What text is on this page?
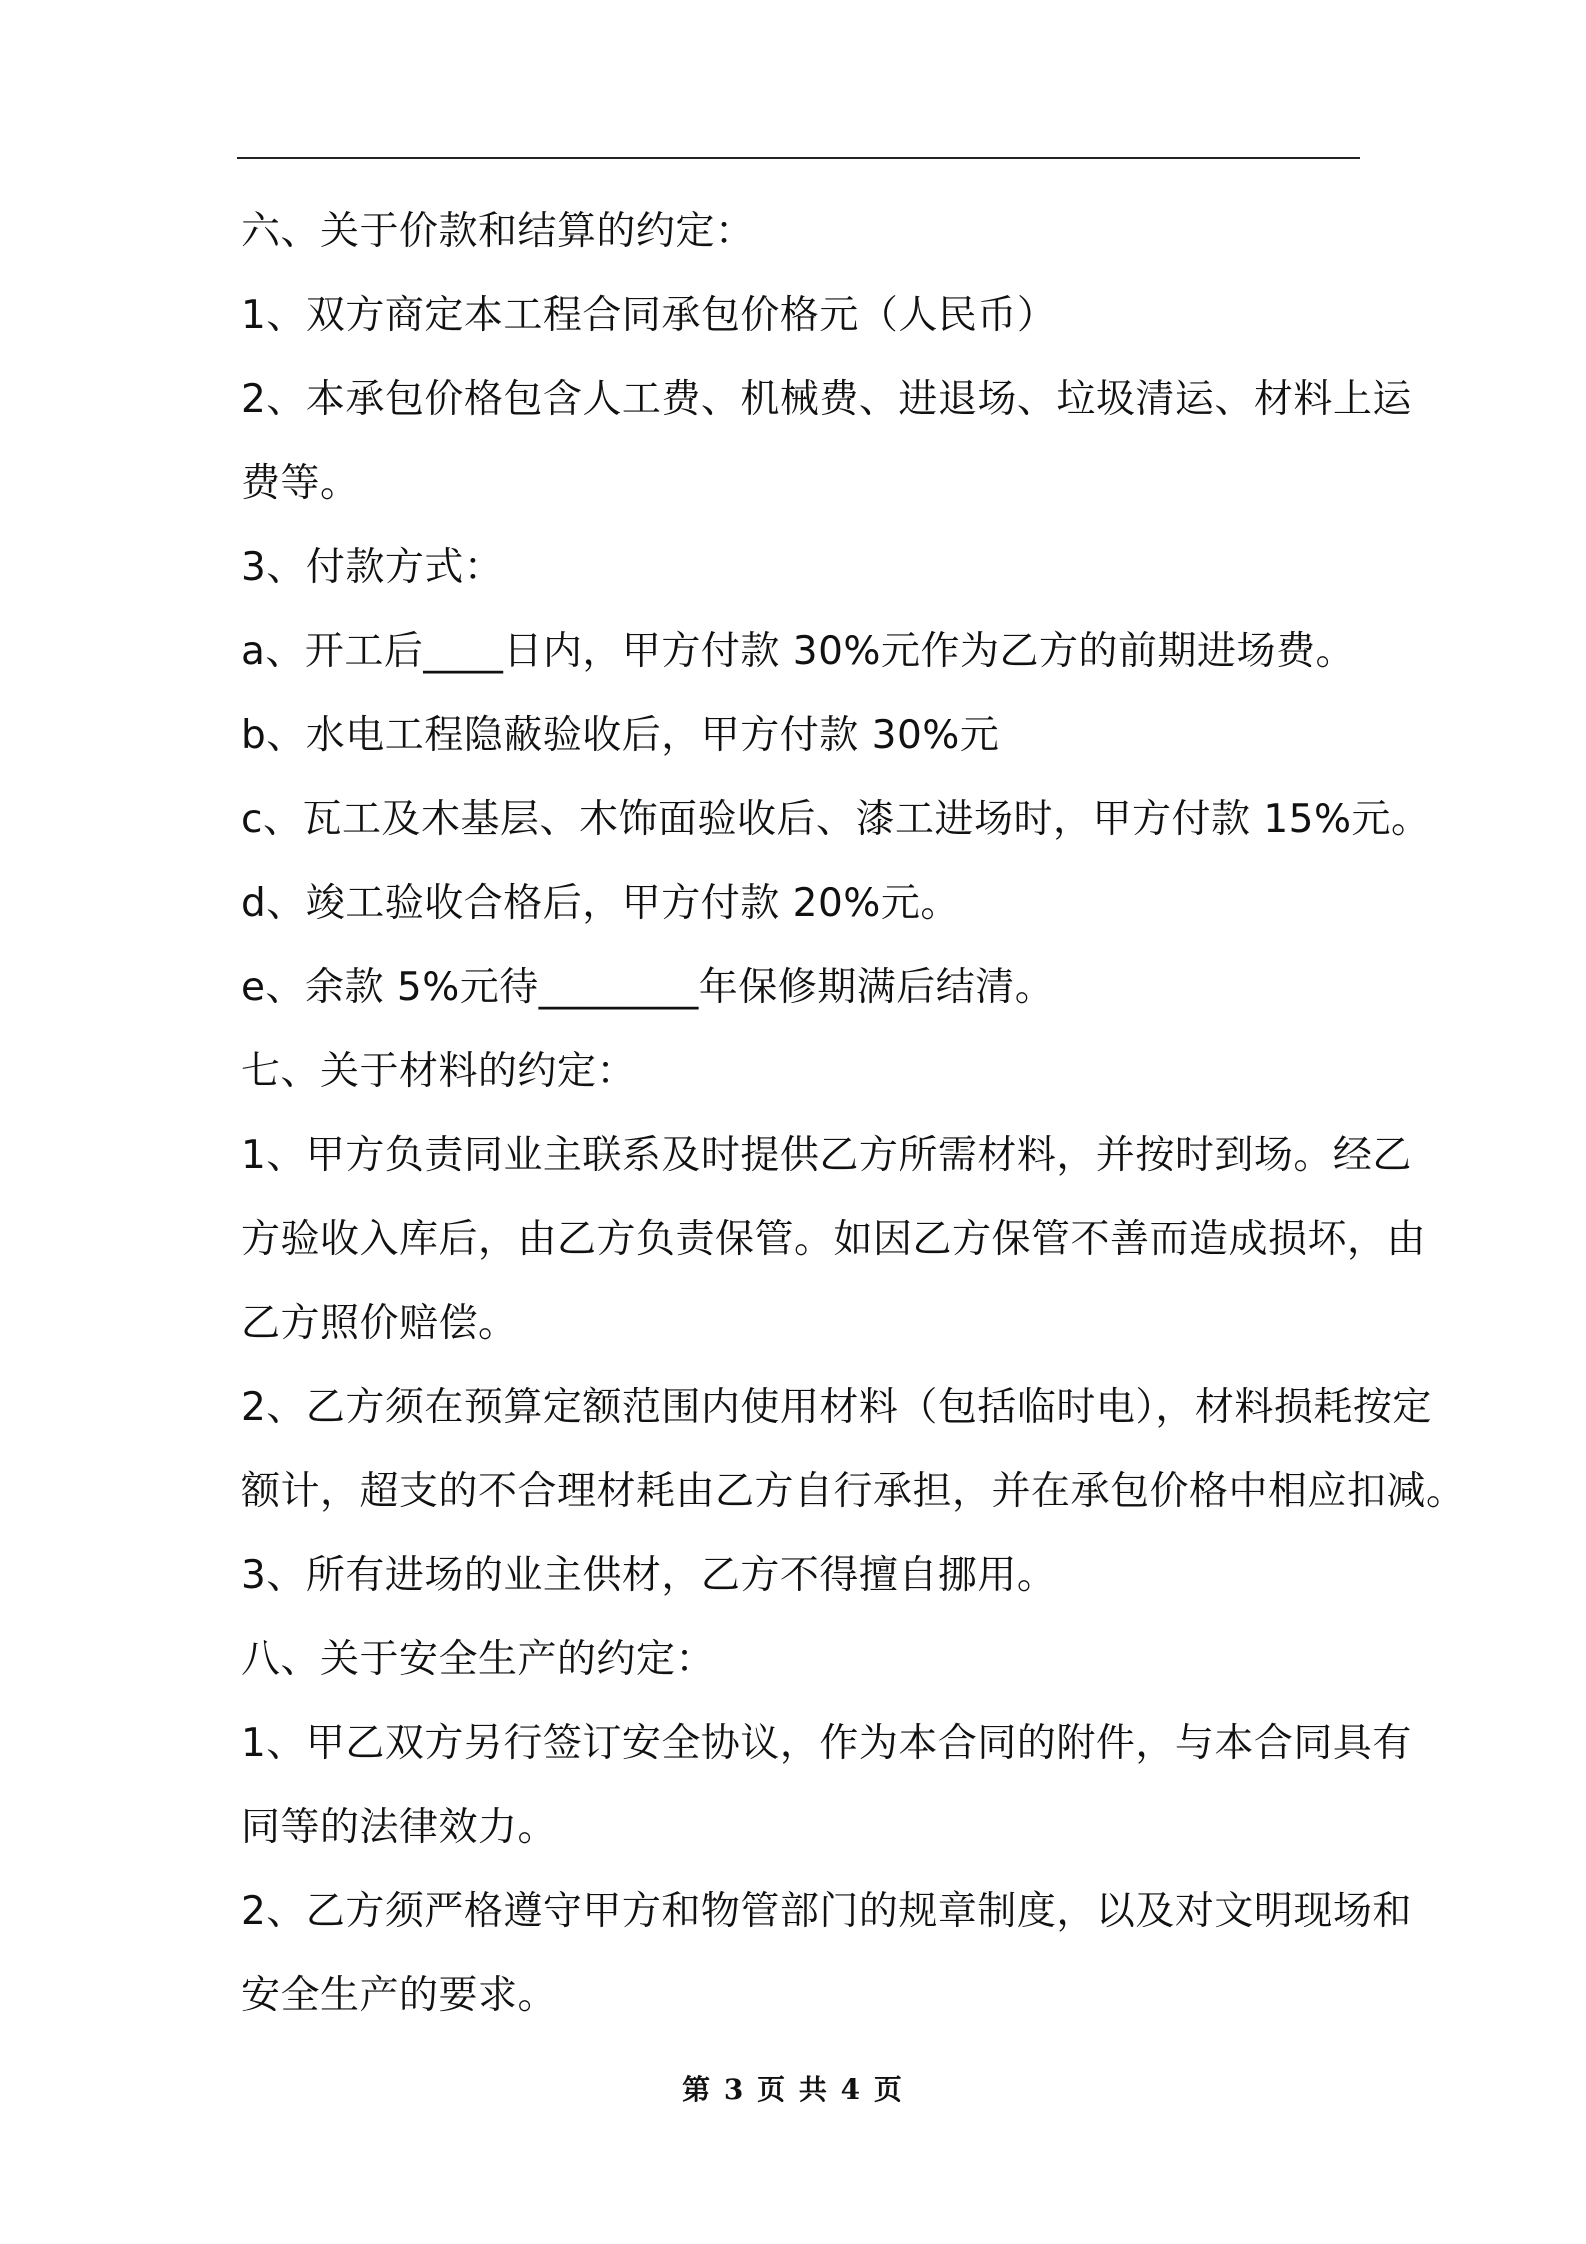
六、关于价款和结算的约定：
1、双方商定本工程合同承包价格元（人民币）
2、本承包价格包含人工费、机械费、进退场、垃圾清运、材料上运
费等。
3、付款方式：
a、开工后____日内，甲方付款 30%元作为乙方的前期进场费。
b、水电工程隐蔽验收后，甲方付款 30%元
c、瓦工及木基层、木饰面验收后、漆工进场时，甲方付款 15%元。
d、竣工验收合格后，甲方付款 20%元。
e、余款 5%元待________年保修期满后结清。
七、关于材料的约定：
1、甲方负责同业主联系及时提供乙方所需材料，并按时到场。经乙
方验收入库后，由乙方负责保管。如因乙方保管不善而造成损坏，由
乙方照价赔偿。
2、乙方须在预算定额范围内使用材料（包括临时电），材料损耗按定
额计，超支的不合理材耗由乙方自行承担，并在承包价格中相应扣减。
3、所有进场的业主供材，乙方不得擅自挪用。
八、关于安全生产的约定：
1、甲乙双方另行签订安全协议，作为本合同的附件，与本合同具有
同等的法律效力。
2、乙方须严格遵守甲方和物管部门的规章制度，以及对文明现场和
安全生产的要求。
第 3 页 共 4 页
